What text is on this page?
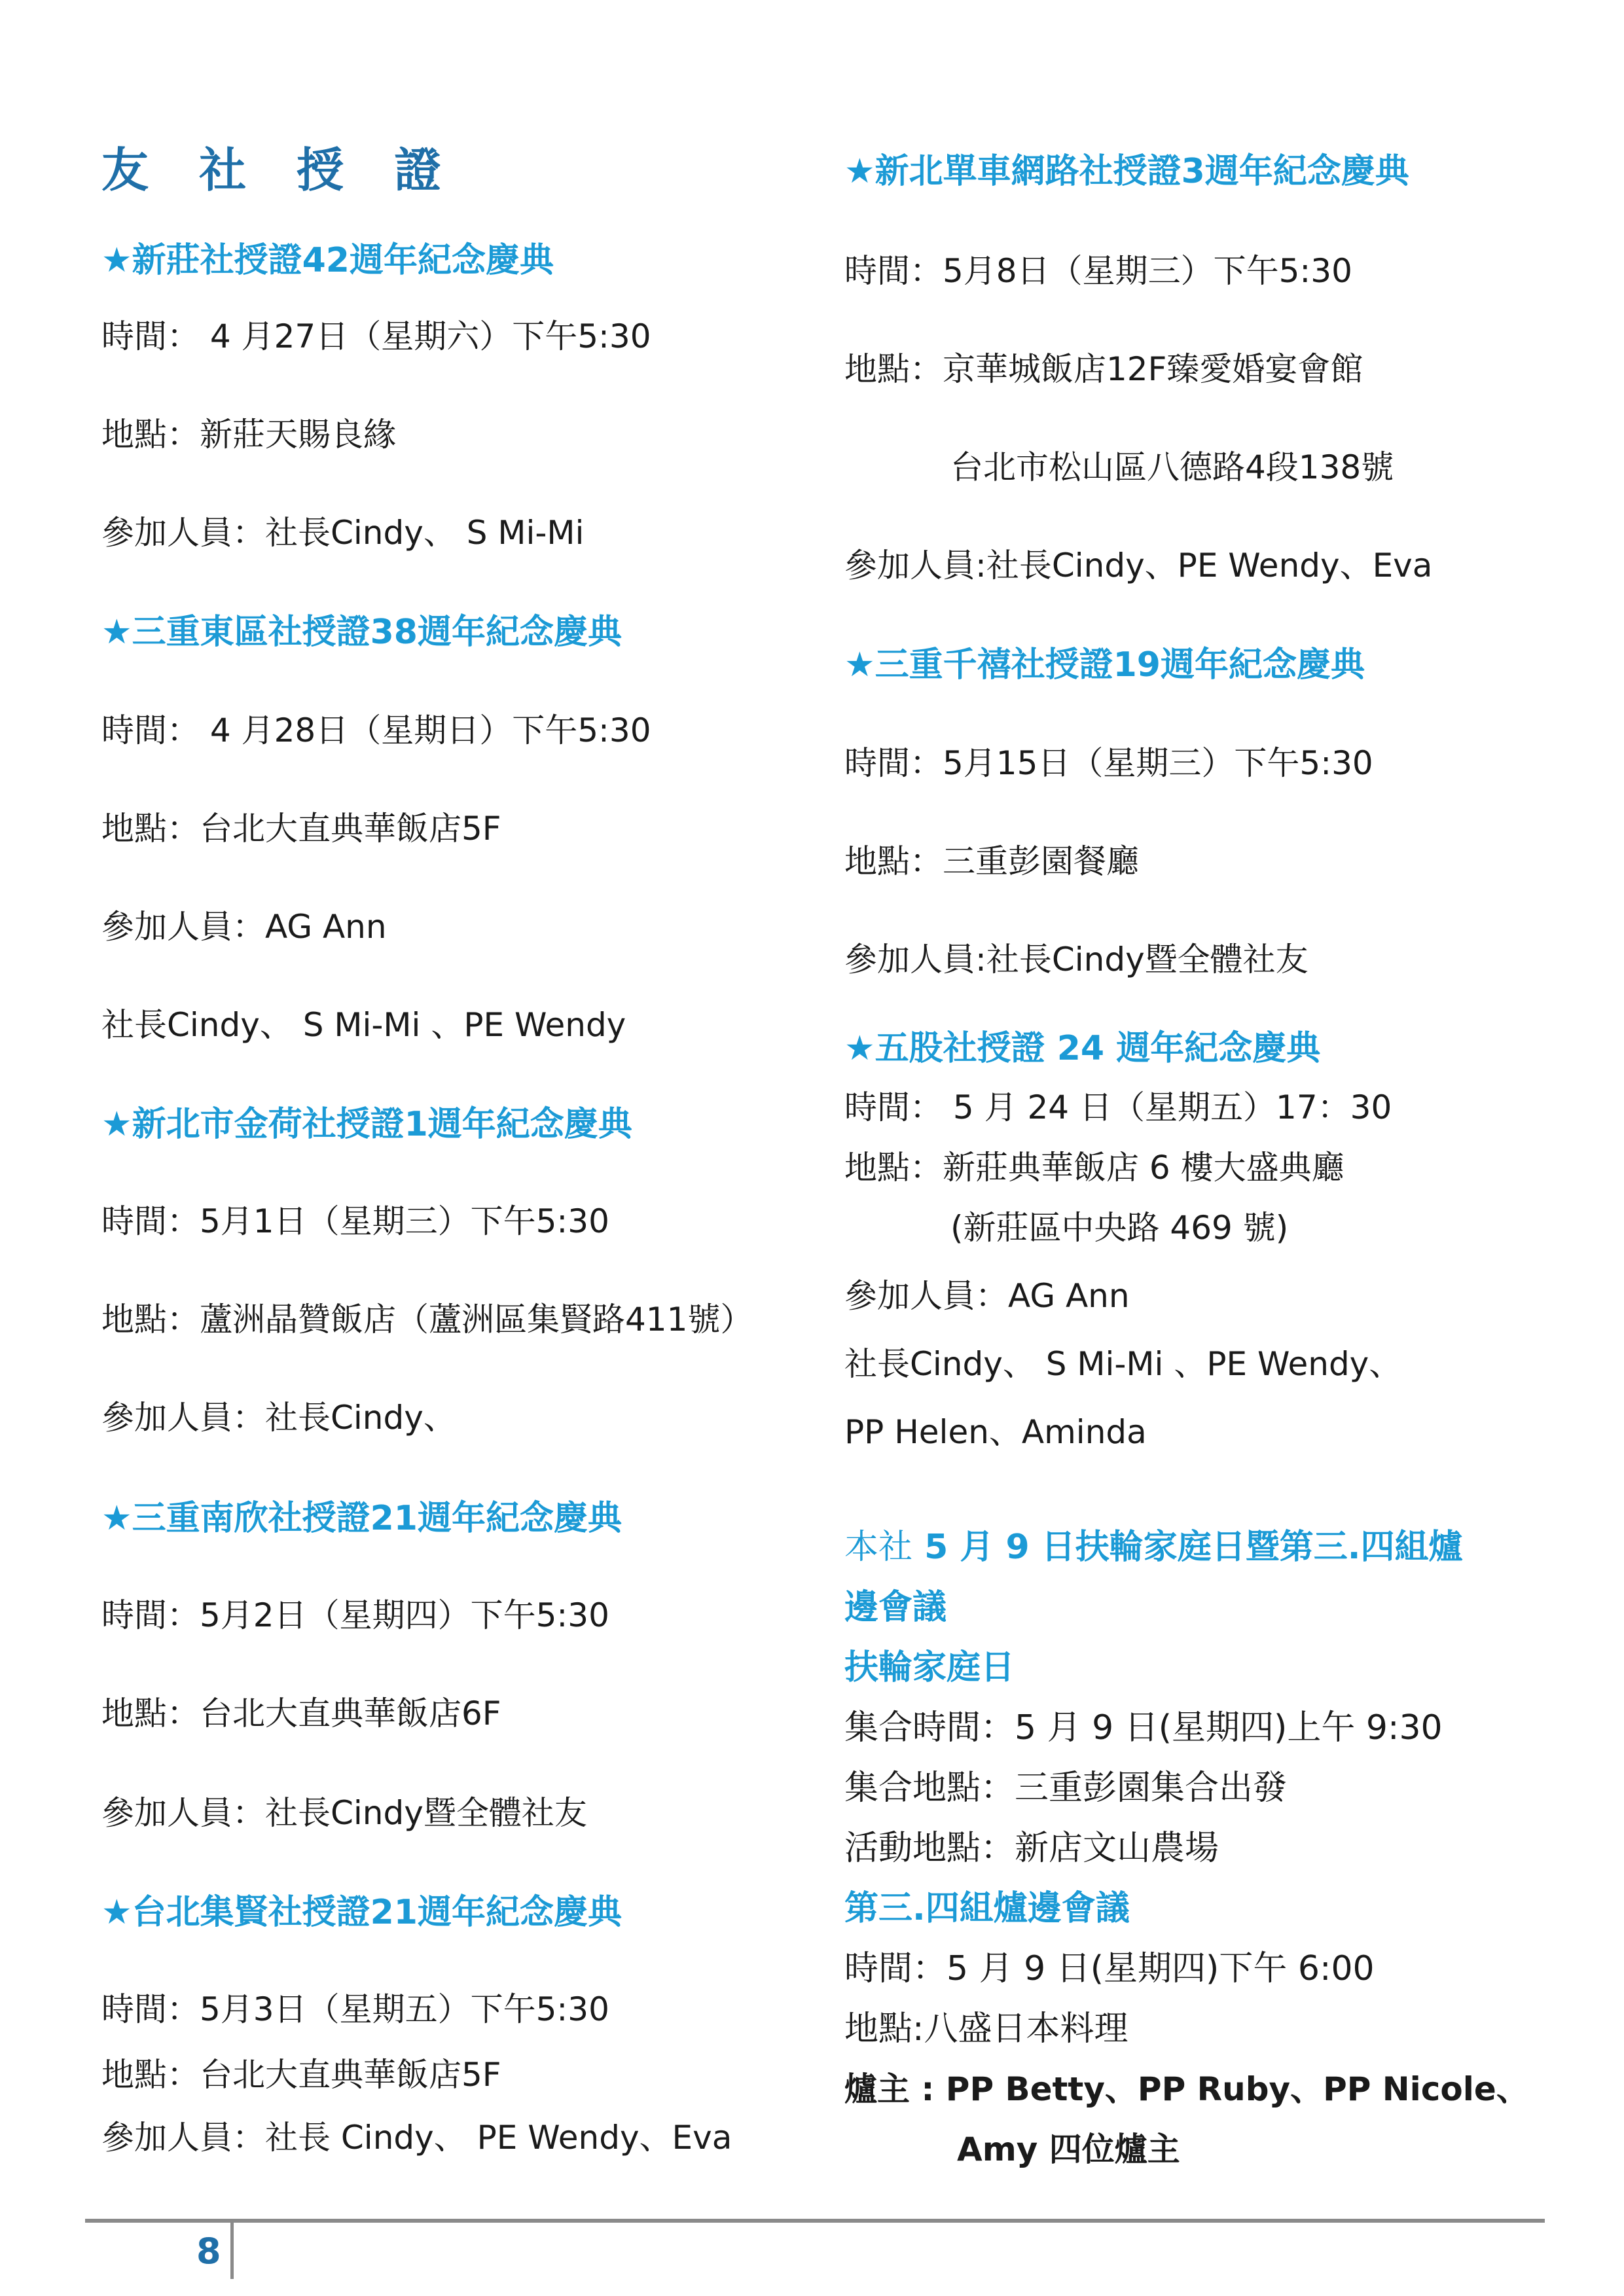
友 社 授 證
★新莊社授證42週年紀念慶典
時間： 4 月27日（星期六）下午5:30
地點：新莊天賜良緣
參加人員：社長Cindy、 S Mi-Mi
★三重東區社授證38週年紀念慶典
時間： 4 月28日（星期日）下午5:30
地點：台北大直典華飯店5F
參加人員：AG Ann
社長Cindy、 S Mi-Mi 、PE Wendy
★新北市金荷社授證1週年紀念慶典
時間：5月1日（星期三）下午5:30
地點：蘆洲晶贊飯店（蘆洲區集賢路411號）
參加人員：社長Cindy、
★三重南欣社授證21週年紀念慶典
時間：5月2日（星期四）下午5:30
地點：台北大直典華飯店6F
參加人員：社長Cindy暨全體社友
★台北集賢社授證21週年紀念慶典
時間：5月3日（星期五）下午5:30
地點：台北大直典華飯店5F
參加人員：社長 Cindy、 PE Wendy、Eva
★新北單車網路社授證3週年紀念慶典
時間：5月8日（星期三）下午5:30
地點：京華城飯店12F臻愛婚宴會館
台北市松山區八德路4段138號
參加人員:社長Cindy、PE Wendy、Eva
★三重千禧社授證19週年紀念慶典
時間：5月15日（星期三）下午5:30
地點：三重彭園餐廳
參加人員:社長Cindy暨全體社友
★五股社授證 24 週年紀念慶典
時間： 5 月 24 日（星期五）17：30
地點：新莊典華飯店 6 樓大盛典廳
(新莊區中央路 469 號)
參加人員：AG Ann
社長Cindy、 S Mi-Mi 、PE Wendy、
PP Helen、Aminda
本社 5 月 9 日扶輪家庭日暨第三.四組爐
邊會議
扶輪家庭日
集合時間：5 月 9 日(星期四)上午 9:30
集合地點：三重彭園集合出發
活動地點：新店文山農場
第三.四組爐邊會議
時間：5 月 9 日(星期四)下午 6:00
地點:八盛日本料理
爐主 : PP Betty、PP Ruby、PP Nicole、
Amy 四位爐主
8
